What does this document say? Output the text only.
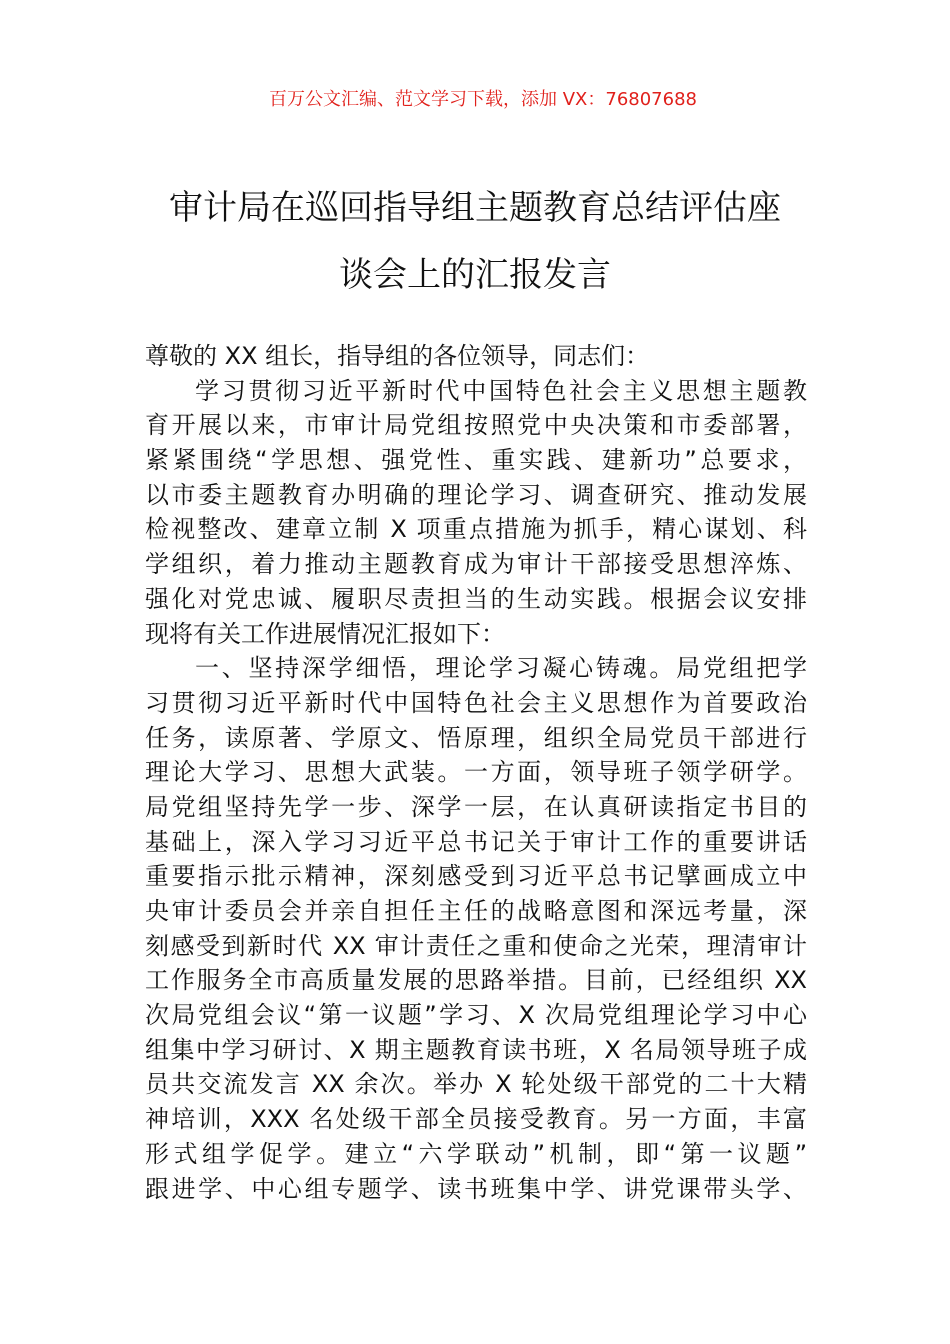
百万公文汇编、范文学习下载，添加 VX：76807688
审计局在巡回指导组主题教育总结评估座
谈会上的汇报发言
尊敬的 XX 组长，指导组的各位领导，同志们：
学习贯彻习近平新时代中国特色社会主义思想主题教
育开展以来，市审计局党组按照党中央决策和市委部署，
紧紧围绕“学思想、强党性、重实践、建新功”总要求，
以市委主题教育办明确的理论学习、调查研究、推动发展
检视整改、建章立制 X 项重点措施为抓手，精心谋划、科
学组织，着力推动主题教育成为审计干部接受思想淬炼、
强化对党忠诚、履职尽责担当的生动实践。根据会议安排
现将有关工作进展情况汇报如下：
一、坚持深学细悟，理论学习凝心铸魂。局党组把学
习贯彻习近平新时代中国特色社会主义思想作为首要政治
任务，读原著、学原文、悟原理，组织全局党员干部进行
理论大学习、思想大武装。一方面，领导班子领学研学。
局党组坚持先学一步、深学一层，在认真研读指定书目的
基础上，深入学习习近平总书记关于审计工作的重要讲话
重要指示批示精神，深刻感受到习近平总书记擘画成立中
央审计委员会并亲自担任主任的战略意图和深远考量，深
刻感受到新时代 XX 审计责任之重和使命之光荣，理清审计
工作服务全市高质量发展的思路举措。目前，已经组织 XX
次局党组会议“第一议题”学习、X 次局党组理论学习中心
组集中学习研讨、X 期主题教育读书班，X 名局领导班子成
员共交流发言 XX 余次。举办 X 轮处级干部党的二十大精
神培训，XXX 名处级干部全员接受教育。另一方面，丰富
形式组学促学。建立“六学联动”机制，即“第一议题”
跟进学、中心组专题学、读书班集中学、讲党课带头学、
